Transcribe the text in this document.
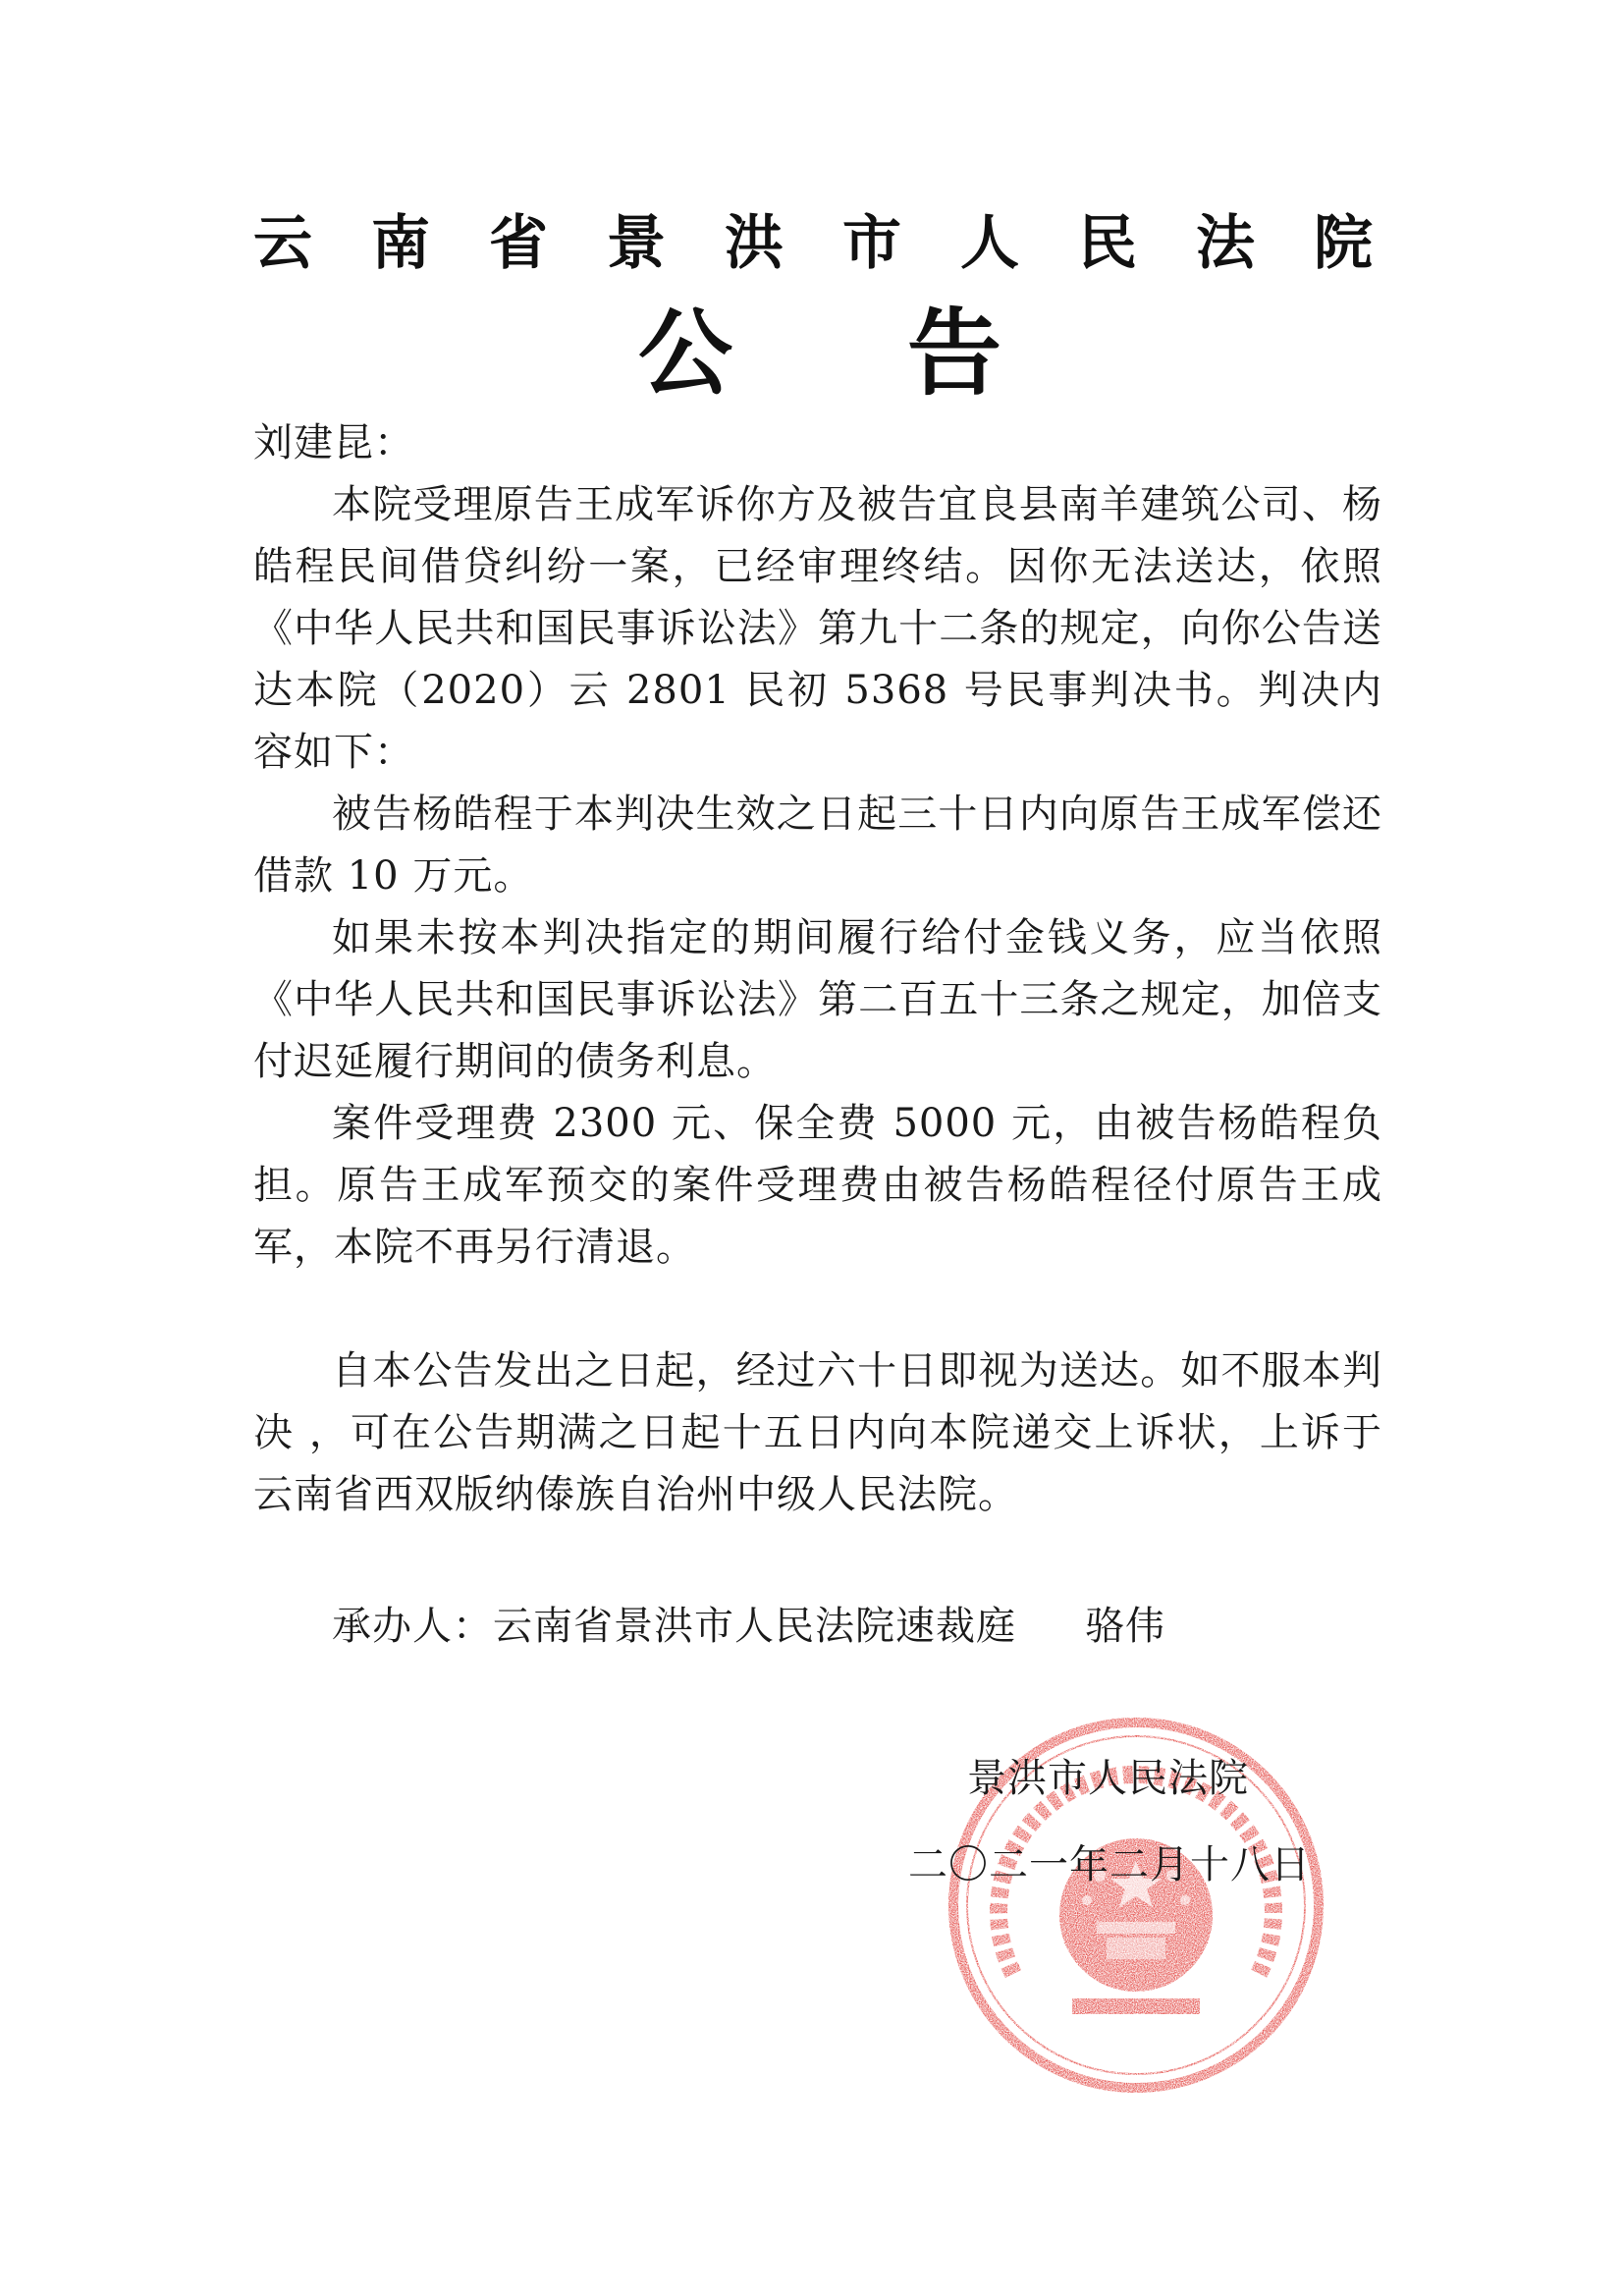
云 南 省 景 洪 市 人 民 法 院
公 告

刘建昆：

本院受理原告王成军诉你方及被告宜良县南羊建筑公司、杨皓程民间借贷纠纷一案，已经审理终结。因你无法送达，依照《中华人民共和国民事诉讼法》第九十二条的规定，向你公告送达本院（2020）云 2801 民初 5368 号民事判决书。判决内容如下：

被告杨皓程于本判决生效之日起三十日内向原告王成军偿还借款 10 万元。

如果未按本判决指定的期间履行给付金钱义务，应当依照《中华人民共和国民事诉讼法》第二百五十三条之规定，加倍支付迟延履行期间的债务利息。

案件受理费 2300 元、保全费 5000 元，由被告杨皓程负担。原告王成军预交的案件受理费由被告杨皓程径付原告王成军，本院不再另行清退。

自本公告发出之日起，经过六十日即视为送达。如不服本判决 ，可在公告期满之日起十五日内向本院递交上诉状，上诉于云南省西双版纳傣族自治州中级人民法院。

承办人：云南省景洪市人民法院速裁庭 骆伟
景洪市人民法院
二〇二一年二月十八日
